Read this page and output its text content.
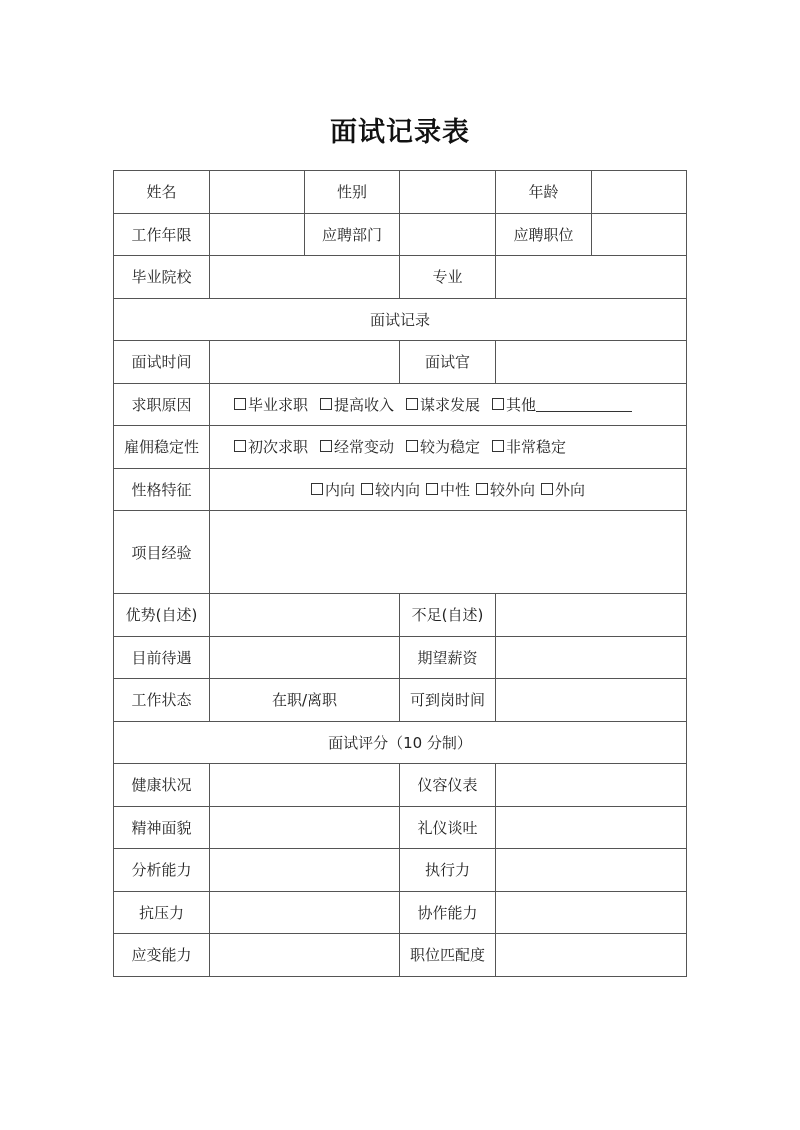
面试记录表
姓名		性别		年龄	
工作年限		应聘部门		应聘职位	
毕业院校			专业		
面试记录					
面试时间			面试官		
求职原因	毕业求职 提高收入 谋求发展 其他				
雇佣稳定性	初次求职 经常变动 较为稳定 非常稳定				
性格特征	内向 较内向 中性 较外向 外向				
项目经验					
优势(自述)			不足(自述)		
目前待遇			期望薪资		
工作状态	在职/离职		可到岗时间		
面试评分（10 分制）					
健康状况			仪容仪表		
精神面貌			礼仪谈吐		
分析能力			执行力		
抗压力			协作能力		
应变能力			职位匹配度		
